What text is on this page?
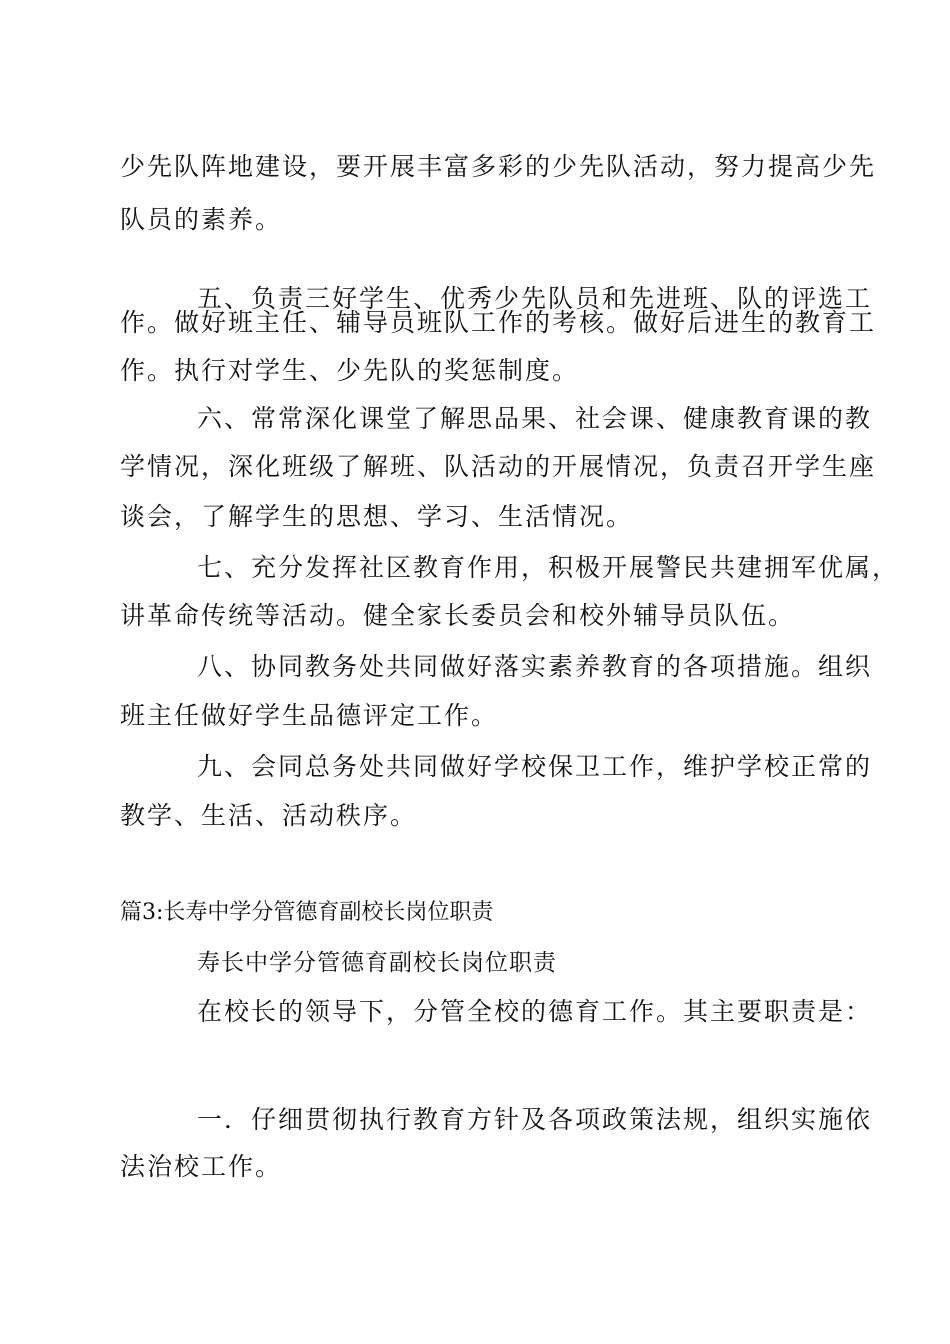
少先队阵地建设，要开展丰富多彩的少先队活动，努力提高少先
队员的素养。
五、负责三好学生、优秀少先队员和先进班、队的评选工
作。做好班主任、辅导员班队工作的考核。做好后进生的教育工
作。执行对学生、少先队的奖惩制度。
六、常常深化课堂了解思品果、社会课、健康教育课的教
学情况，深化班级了解班、队活动的开展情况，负责召开学生座
谈会，了解学生的思想、学习、生活情况。
七、充分发挥社区教育作用，积极开展警民共建拥军优属，
讲革命传统等活动。健全家长委员会和校外辅导员队伍。
八、协同教务处共同做好落实素养教育的各项措施。组织
班主任做好学生品德评定工作。
九、会同总务处共同做好学校保卫工作，维护学校正常的
教学、生活、活动秩序。
篇3:长寿中学分管德育副校长岗位职责
寿长中学分管德育副校长岗位职责
在校长的领导下，分管全校的德育工作。其主要职责是：
一．仔细贯彻执行教育方针及各项政策法规，组织实施依
法治校工作。
